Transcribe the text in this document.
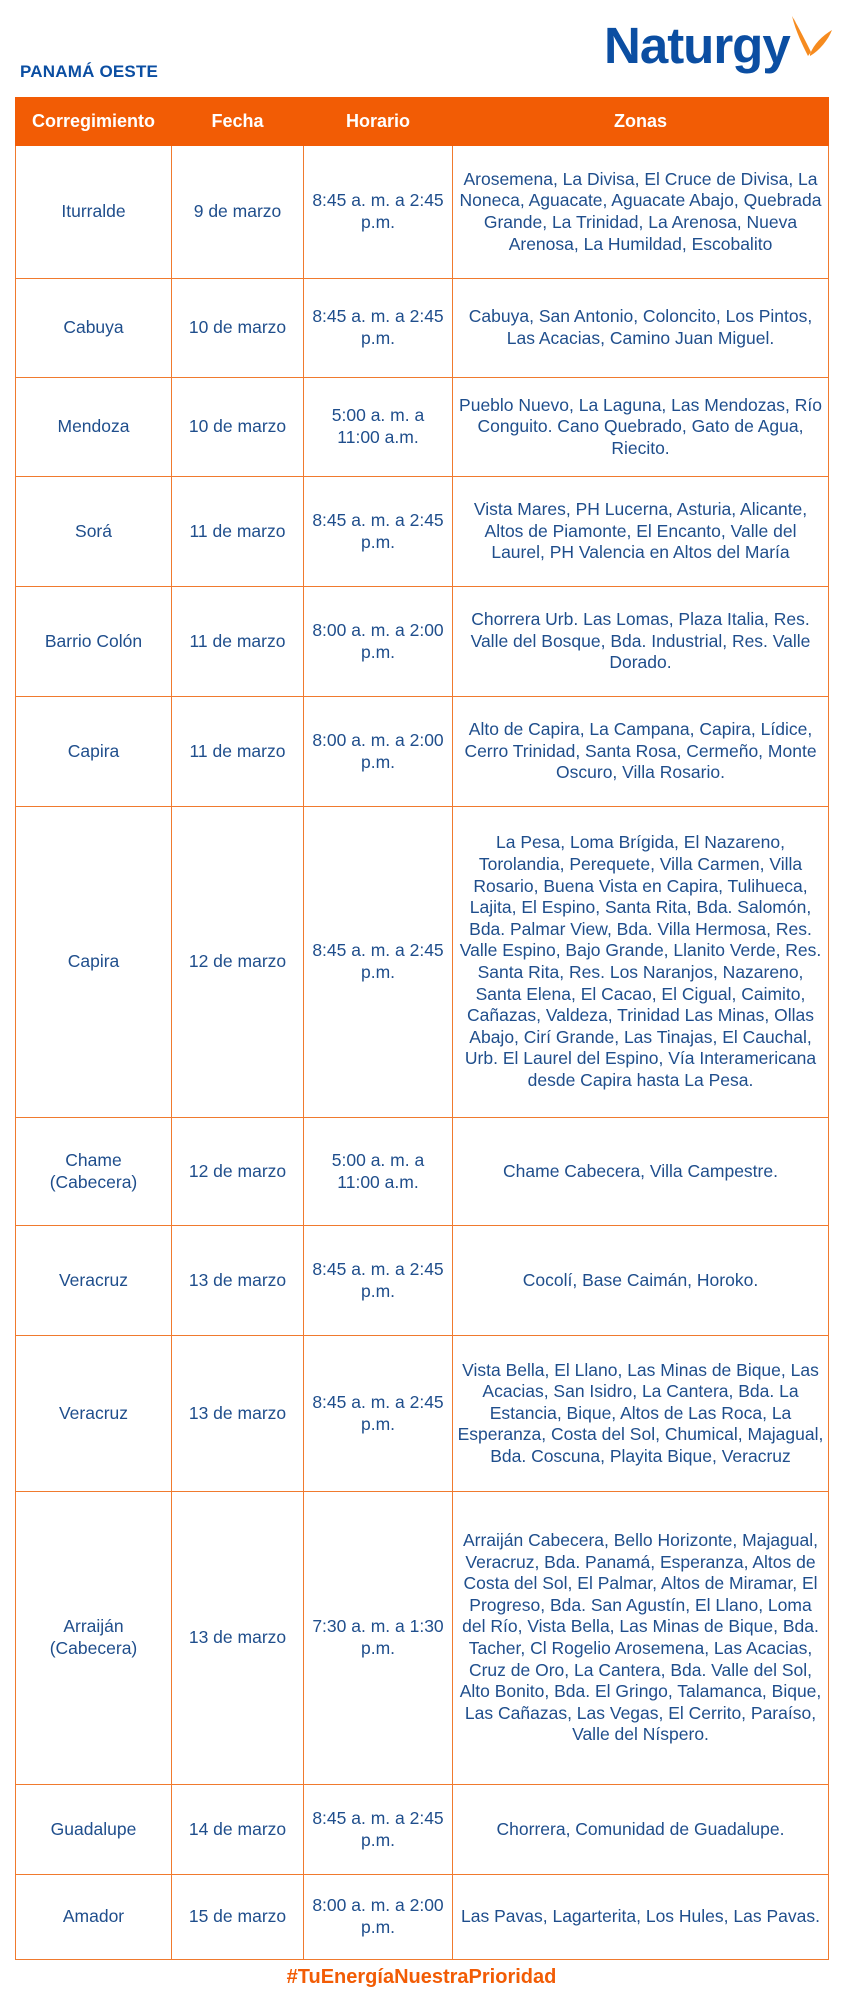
PANAMÁ OESTE	Naturgy
Corregimiento	Fecha	Horario	Zonas
Iturralde	9 de marzo	8:45 a. m. a 2:45 p.m.	Arosemena, La Divisa, El Cruce de Divisa, La Noneca, Aguacate, Aguacate Abajo, Quebrada Grande, La Trinidad, La Arenosa, Nueva Arenosa, La Humildad, Escobalito
Cabuya	10 de marzo	8:45 a. m. a 2:45 p.m.	Cabuya, San Antonio, Coloncito, Los Pintos, Las Acacias, Camino Juan Miguel.
Mendoza	10 de marzo	5:00 a. m. a 11:00 a.m.	Pueblo Nuevo, La Laguna, Las Mendozas, Río Conguito. Cano Quebrado, Gato de Agua, Riecito.
Sorá	11 de marzo	8:45 a. m. a 2:45 p.m.	Vista Mares, PH Lucerna, Asturia, Alicante, Altos de Piamonte, El Encanto, Valle del Laurel, PH Valencia en Altos del María
Barrio Colón	11 de marzo	8:00 a. m. a 2:00 p.m.	Chorrera Urb. Las Lomas, Plaza Italia, Res. Valle del Bosque, Bda. Industrial, Res. Valle Dorado.
Capira	11 de marzo	8:00 a. m. a 2:00 p.m.	Alto de Capira, La Campana, Capira, Lídice, Cerro Trinidad, Santa Rosa, Cermeño, Monte Oscuro, Villa Rosario.
Capira	12 de marzo	8:45 a. m. a 2:45 p.m.	La Pesa, Loma Brígida, El Nazareno, Torolandia, Perequete, Villa Carmen, Villa Rosario, Buena Vista en Capira, Tulihueca, Lajita, El Espino, Santa Rita, Bda. Salomón, Bda. Palmar View, Bda. Villa Hermosa, Res. Valle Espino, Bajo Grande, Llanito Verde, Res. Santa Rita, Res. Los Naranjos, Nazareno, Santa Elena, El Cacao, El Cigual, Caimito, Cañazas, Valdeza, Trinidad Las Minas, Ollas Abajo, Cirí Grande, Las Tinajas, El Cauchal, Urb. El Laurel del Espino, Vía Interamericana desde Capira hasta La Pesa.
Chame (Cabecera)	12 de marzo	5:00 a. m. a 11:00 a.m.	Chame Cabecera, Villa Campestre.
Veracruz	13 de marzo	8:45 a. m. a 2:45 p.m.	Cocolí, Base Caimán, Horoko.
Veracruz	13 de marzo	8:45 a. m. a 2:45 p.m.	Vista Bella, El Llano, Las Minas de Bique, Las Acacias, San Isidro, La Cantera, Bda. La Estancia, Bique, Altos de Las Roca, La Esperanza, Costa del Sol, Chumical, Majagual, Bda. Coscuna, Playita Bique, Veracruz
Arraiján (Cabecera)	13 de marzo	7:30 a. m. a 1:30 p.m.	Arraiján Cabecera, Bello Horizonte, Majagual, Veracruz, Bda. Panamá, Esperanza, Altos de Costa del Sol, El Palmar, Altos de Miramar, El Progreso, Bda. San Agustín, El Llano, Loma del Río, Vista Bella, Las Minas de Bique, Bda. Tacher, Cl Rogelio Arosemena, Las Acacias, Cruz de Oro, La Cantera, Bda. Valle del Sol, Alto Bonito, Bda. El Gringo, Talamanca, Bique, Las Cañazas, Las Vegas, El Cerrito, Paraíso, Valle del Níspero.
Guadalupe	14 de marzo	8:45 a. m. a 2:45 p.m.	Chorrera, Comunidad de Guadalupe.
Amador	15 de marzo	8:00 a. m. a 2:00 p.m.	Las Pavas, Lagarterita, Los Hules, Las Pavas.
#TuEnergíaNuestraPrioridad
